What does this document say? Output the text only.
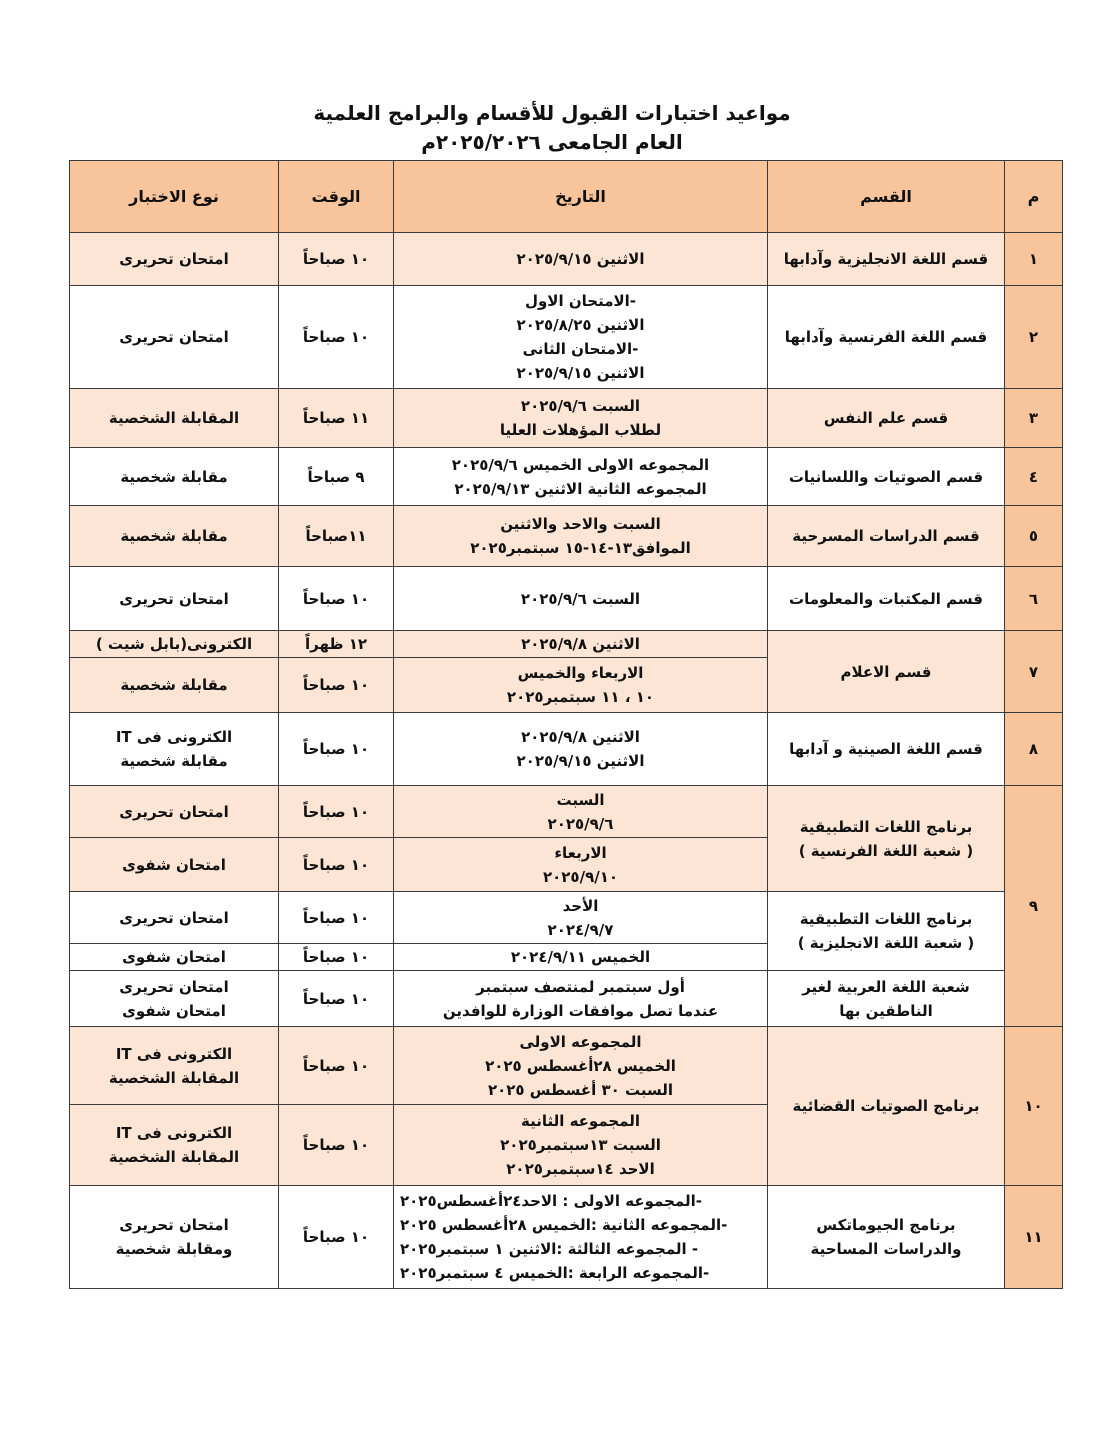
مواعيد اختبارات القبول للأقسام والبرامج العلمية
العام الجامعى ٢٠٢٥/٢٠٢٦م
م	القسم	التاريخ	الوقت	نوع الاختبار
١	قسم اللغة الانجليزية وآدابها	الاثنين ٢٠٢٥/٩/١٥	١٠ صباحاً	امتحان تحريرى

٢	قسم اللغة الفرنسية وآدابها	-الامتحان الاول
الاثنين ٢٠٢٥/٨/٢٥
-الامتحان الثانى
الاثنين ٢٠٢٥/٩/١٥	١٠ صباحاً	امتحان تحريرى

٣	قسم علم النفس	السبت ٢٠٢٥/٩/٦
لطلاب المؤهلات العليا	١١ صباحاً	المقابلة الشخصية

٤	قسم الصوتيات واللسانيات	المجموعه الاولى الخميس ٢٠٢٥/٩/٦
المجموعه الثانية الاثنين ٢٠٢٥/٩/١٣	٩ صباحاً	مقابلة شخصية

٥	قسم الدراسات المسرحية	السبت والاحد والاثنين
الموافق١٣-١٤-١٥ سبتمبر٢٠٢٥	١١صباحاً	مقابلة شخصية

٦	قسم المكتبات والمعلومات	السبت ٢٠٢٥/٩/٦	١٠ صباحاً	امتحان تحريرى

٧	قسم الاعلام	الاثنين ٢٠٢٥/٩/٨	١٢ ظهراً	الكترونى(بابل شيت )

		الاربعاء والخميس
١٠ ، ١١ سبتمبر٢٠٢٥	١٠ صباحاً	مقابلة شخصية

٨	قسم اللغة الصينية و آدابها	الاثنين ٢٠٢٥/٩/٨
الاثنين ٢٠٢٥/٩/١٥	١٠ صباحاً	الكترونى فى IT
مقابلة شخصية

٩	برنامج اللغات التطبيقية
( شعبة اللغة الفرنسية )	السبت
٢٠٢٥/٩/٦	١٠ صباحاً	امتحان تحريرى

		الاربعاء
٢٠٢٥/٩/١٠	١٠ صباحاً	امتحان شفوى

	برنامج اللغات التطبيقية
( شعبة اللغة الانجليزية )	الأحد
٢٠٢٤/٩/٧	١٠ صباحاً	امتحان تحريرى

		الخميس ٢٠٢٤/٩/١١	١٠ صباحاً	امتحان شفوى

	شعبة اللغة العربية لغير
الناطقين بها	أول سبتمبر لمنتصف سبتمبر
عندما تصل موافقات الوزارة للوافدين	١٠ صباحاً	امتحان تحريرى
امتحان شفوى

١٠	برنامج الصوتيات القضائية	المجموعه الاولى
الخميس ٢٨أغسطس ٢٠٢٥
السبت ٣٠ أغسطس ٢٠٢٥	١٠ صباحاً	الكترونى فى IT
المقابلة الشخصية

		المجموعه الثانية
السبت ١٣سبتمبر٢٠٢٥
الاحد ١٤سبتمبر٢٠٢٥	١٠ صباحاً	الكترونى فى IT
المقابلة الشخصية

١١	برنامج الجيوماتكس
والدراسات المساحية	-المجموعه الاولى : الاحد٢٤أغسطس٢٠٢٥
-المجموعه الثانية :الخميس ٢٨أغسطس ٢٠٢٥
- المجموعه الثالثة :الاثنين ١ سبتمبر٢٠٢٥
-المجموعه الرابعة :الخميس ٤ سبتمبر٢٠٢٥	١٠ صباحاً	امتحان تحريرى
ومقابلة شخصية
